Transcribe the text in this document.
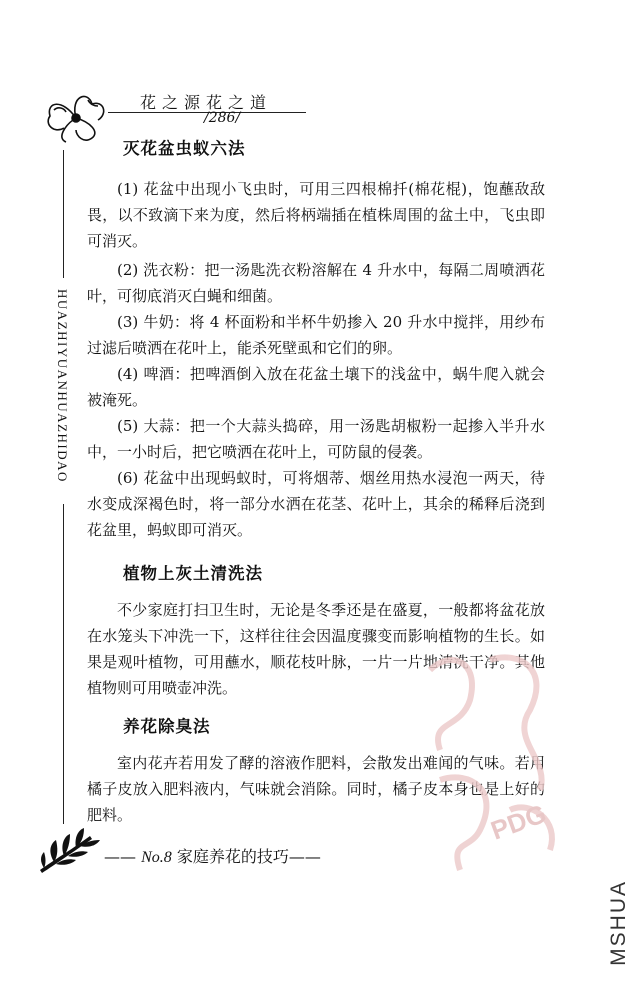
花之源花之道
/286/
HUAZHIYUANHUAZHIDAO
灭花盆虫蚁六法

(1) 花盆中出现小飞虫时，可用三四根棉扦(棉花棍)，饱蘸敌敌畏，以不致滴下来为度，然后将柄端插在植株周围的盆土中，飞虫即可消灭。

(2) 洗衣粉：把一汤匙洗衣粉溶解在 4 升水中，每隔二周喷洒花叶，可彻底消灭白蝇和细菌。

(3) 牛奶：将 4 杯面粉和半杯牛奶掺入 20 升水中搅拌，用纱布过滤后喷洒在花叶上，能杀死壁虱和它们的卵。

(4) 啤酒：把啤酒倒入放在花盆土壤下的浅盆中，蜗牛爬入就会被淹死。

(5) 大蒜：把一个大蒜头捣碎，用一汤匙胡椒粉一起掺入半升水中，一小时后，把它喷洒在花叶上，可防鼠的侵袭。

(6) 花盆中出现蚂蚁时，可将烟蒂、烟丝用热水浸泡一两天，待水变成深褐色时，将一部分水洒在花茎、花叶上，其余的稀释后浇到花盆里，蚂蚁即可消灭。

植物上灰土清洗法

不少家庭打扫卫生时，无论是冬季还是在盛夏，一般都将盆花放在水笼头下冲洗一下，这样往往会因温度骤变而影响植物的生长。如果是观叶植物，可用蘸水，顺花枝叶脉，一片一片地清洗干净。其他植物则可用喷壶冲洗。

养花除臭法

室内花卉若用发了酵的溶液作肥料，会散发出难闻的气味。若用橘子皮放入肥料液内，气味就会消除。同时，橘子皮本身也是上好的肥料。

—— No.8 家庭养花的技巧——
PDG
MSHUA
